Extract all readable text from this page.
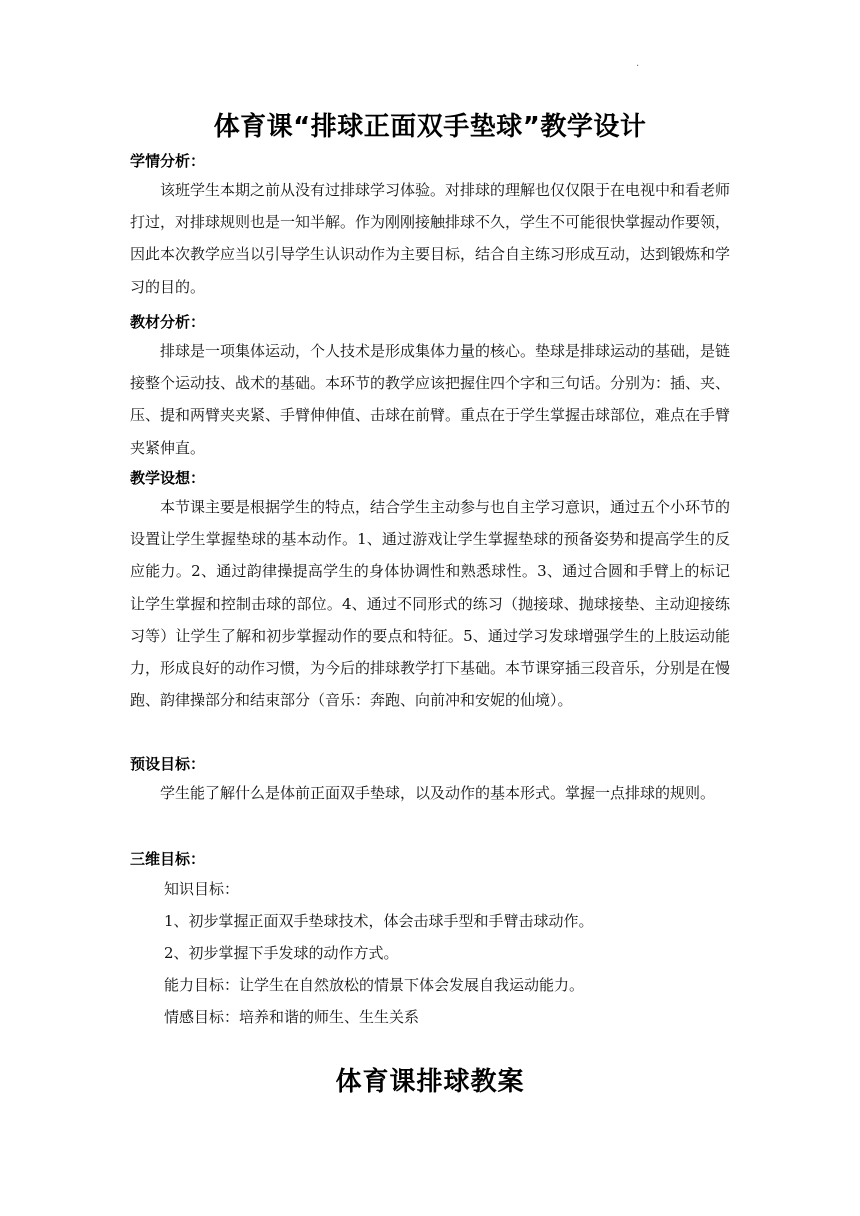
.
体育课“排球正面双手垫球”教学设计
学情分析：

该班学生本期之前从没有过排球学习体验。对排球的理解也仅仅限于在电视中和看老师打过，对排球规则也是一知半解。作为刚刚接触排球不久，学生不可能很快掌握动作要领，因此本次教学应当以引导学生认识动作为主要目标，结合自主练习形成互动，达到锻炼和学习的目的。

教材分析：

排球是一项集体运动，个人技术是形成集体力量的核心。垫球是排球运动的基础，是链接整个运动技、战术的基础。本环节的教学应该把握住四个字和三句话。分别为：插、夹、压、提和两臂夹夹紧、手臂伸伸值、击球在前臂。重点在于学生掌握击球部位，难点在手臂夹紧伸直。

教学设想：

本节课主要是根据学生的特点，结合学生主动参与也自主学习意识，通过五个小环节的设置让学生掌握垫球的基本动作。1、通过游戏让学生掌握垫球的预备姿势和提高学生的反应能力。2、通过韵律操提高学生的身体协调性和熟悉球性。3、通过合圆和手臂上的标记让学生掌握和控制击球的部位。4、通过不同形式的练习（抛接球、抛球接垫、主动迎接练习等）让学生了解和初步掌握动作的要点和特征。5、通过学习发球增强学生的上肢运动能力，形成良好的动作习惯，为今后的排球教学打下基础。本节课穿插三段音乐，分别是在慢跑、韵律操部分和结束部分（音乐：奔跑、向前冲和安妮的仙境）。

预设目标：

学生能了解什么是体前正面双手垫球，以及动作的基本形式。掌握一点排球的规则。

三维目标：

知识目标：

1、初步掌握正面双手垫球技术，体会击球手型和手臂击球动作。

2、初步掌握下手发球的动作方式。

能力目标：让学生在自然放松的情景下体会发展自我运动能力。

情感目标：培养和谐的师生、生生关系

体育课排球教案
